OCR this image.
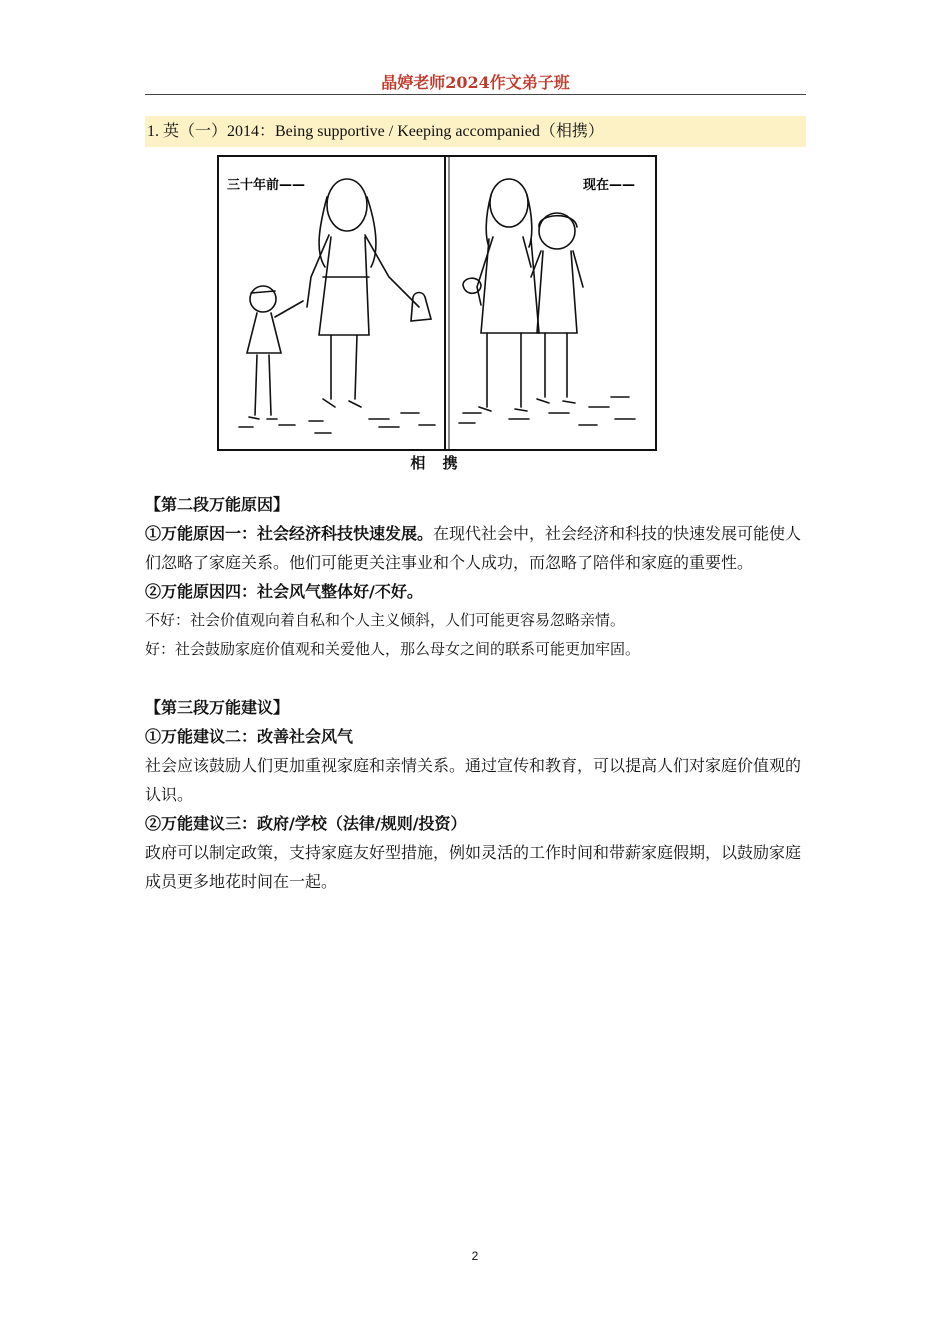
晶婷老师2024作文弟子班
1. 英（一）2014：Being supportive / Keeping accompanied（相携）
三十年前——	现在——
相 携

【第二段万能原因】

①万能原因一：社会经济科技快速发展。在现代社会中，社会经济和科技的快速发展可能使人们忽略了家庭关系。他们可能更关注事业和个人成功，而忽略了陪伴和家庭的重要性。

②万能原因四：社会风气整体好/不好。

不好：社会价值观向着自私和个人主义倾斜，人们可能更容易忽略亲情。

好：社会鼓励家庭价值观和关爱他人，那么母女之间的联系可能更加牢固。

【第三段万能建议】

①万能建议二：改善社会风气

社会应该鼓励人们更加重视家庭和亲情关系。通过宣传和教育，可以提高人们对家庭价值观的认识。

②万能建议三：政府/学校（法律/规则/投资）

政府可以制定政策，支持家庭友好型措施，例如灵活的工作时间和带薪家庭假期，以鼓励家庭成员更多地花时间在一起。

2
